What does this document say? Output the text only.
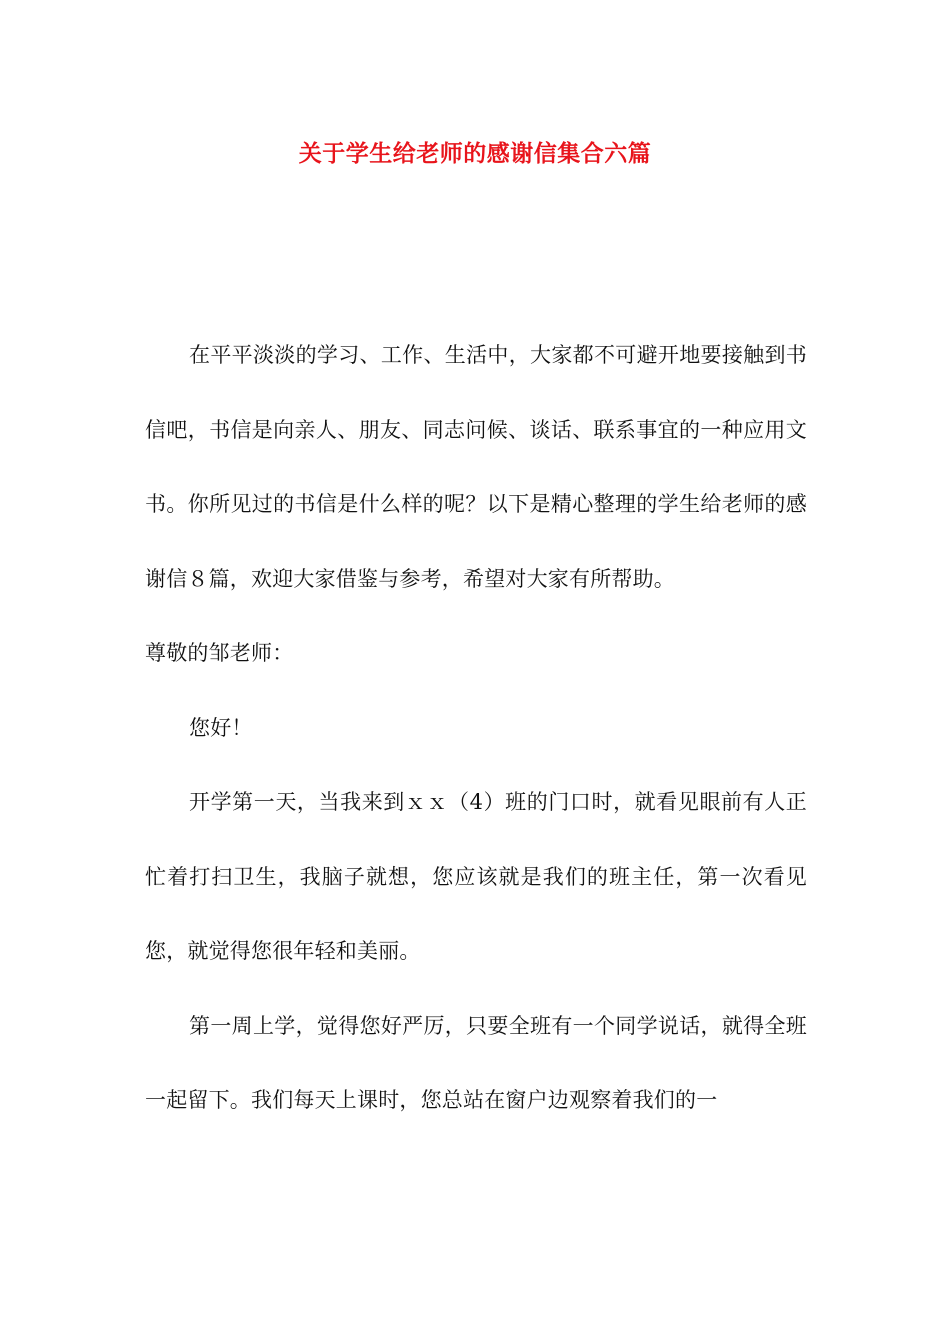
关于学生给老师的感谢信集合六篇

在平平淡淡的学习、工作、生活中，大家都不可避开地要接触到书信吧，书信是向亲人、朋友、同志问候、谈话、联系事宜的一种应用文书。你所见过的书信是什么样的呢？以下是精心整理的学生给老师的感谢信８篇，欢迎大家借鉴与参考，希望对大家有所帮助。

尊敬的邹老师：

您好！

开学第一天，当我来到ｘｘ（4）班的门口时，就看见眼前有人正忙着打扫卫生，我脑子就想，您应该就是我们的班主任，第一次看见您，就觉得您很年轻和美丽。

第一周上学，觉得您好严厉，只要全班有一个同学说话，就得全班一起留下。我们每天上课时，您总站在窗户边观察着我们的一
